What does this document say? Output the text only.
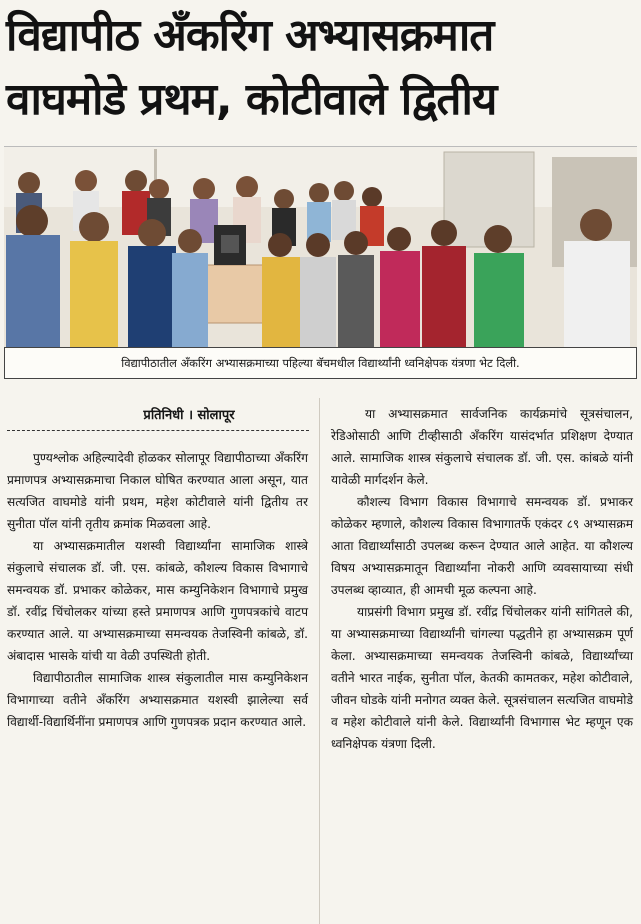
विद्यापीठ अँकरिंग अभ्यासक्रमात
वाघमोडे प्रथम, कोटीवाले द्वितीय
विद्यापीठातील अँकरिंग अभ्यासक्रमाच्या पहिल्या बॅचमधील विद्यार्थ्यांनी ध्वनिक्षेपक यंत्रणा भेट दिली.
प्रतिनिधी । सोलापूर

पुण्यश्लोक अहिल्यादेवी होळकर सोलापूर विद्यापीठाच्या अँकरिंग प्रमाणपत्र अभ्यासक्रमाचा निकाल घोषित करण्यात आला असून, यात सत्यजित वाघमोडे यांनी प्रथम, महेश कोटीवाले यांनी द्वितीय तर सुनीता पॉल यांनी तृतीय क्रमांक मिळवला आहे.

या अभ्यासक्रमातील यशस्वी विद्यार्थ्यांना सामाजिक शास्त्रे संकुलाचे संचालक डॉ. जी. एस. कांबळे, कौशल्य विकास विभागाचे समन्वयक डॉ. प्रभाकर कोळेकर, मास कम्युनिकेशन विभागाचे प्रमुख डॉ. रवींद्र चिंचोलकर यांच्या हस्ते प्रमाणपत्र आणि गुणपत्रकांचे वाटप करण्यात आले. या अभ्यासक्रमाच्या समन्वयक तेजस्विनी कांबळे, डॉ. अंबादास भासके यांची या वेळी उपस्थिती होती.

विद्यापीठातील सामाजिक शास्त्र संकुलातील मास कम्युनिकेशन विभागाच्या वतीने अँकरिंग अभ्यासक्रमात यशस्वी झालेल्या सर्व विद्यार्थी-विद्यार्थिनींना प्रमाणपत्र आणि गुणपत्रक प्रदान करण्यात आले.

या अभ्यासक्रमात सार्वजनिक कार्यक्रमांचे सूत्रसंचालन, रेडिओसाठी आणि टीव्हीसाठी अँकरिंग यासंदर्भात प्रशिक्षण देण्यात आले. सामाजिक शास्त्र संकुलाचे संचालक डॉ. जी. एस. कांबळे यांनी यावेळी मार्गदर्शन केले.

कौशल्य विभाग विकास विभागाचे समन्वयक डॉ. प्रभाकर कोळेकर म्हणाले, कौशल्य विकास विभागातर्फे एकंदर ८९ अभ्यासक्रम आता विद्यार्थ्यांसाठी उपलब्ध करून देण्यात आले आहेत. या कौशल्य विषय अभ्यासक्रमातून विद्यार्थ्यांना नोकरी आणि व्यवसायाच्या संधी उपलब्ध व्हाव्यात, ही आमची मूळ कल्पना आहे.

याप्रसंगी विभाग प्रमुख डॉ. रवींद्र चिंचोलकर यांनी सांगितले की, या अभ्यासक्रमाच्या विद्यार्थ्यांनी चांगल्या पद्धतीने हा अभ्यासक्रम पूर्ण केला. अभ्यासक्रमाच्या समन्वयक तेजस्विनी कांबळे, विद्यार्थ्यांच्या वतीने भारत नाईक, सुनीता पॉल, केतकी कामतकर, महेश कोटीवाले, जीवन घोडके यांनी मनोगत व्यक्त केले. सूत्रसंचालन सत्यजित वाघमोडे व महेश कोटीवाले यांनी केले. विद्यार्थ्यांनी विभागास भेट म्हणून एक ध्वनिक्षेपक यंत्रणा दिली.
